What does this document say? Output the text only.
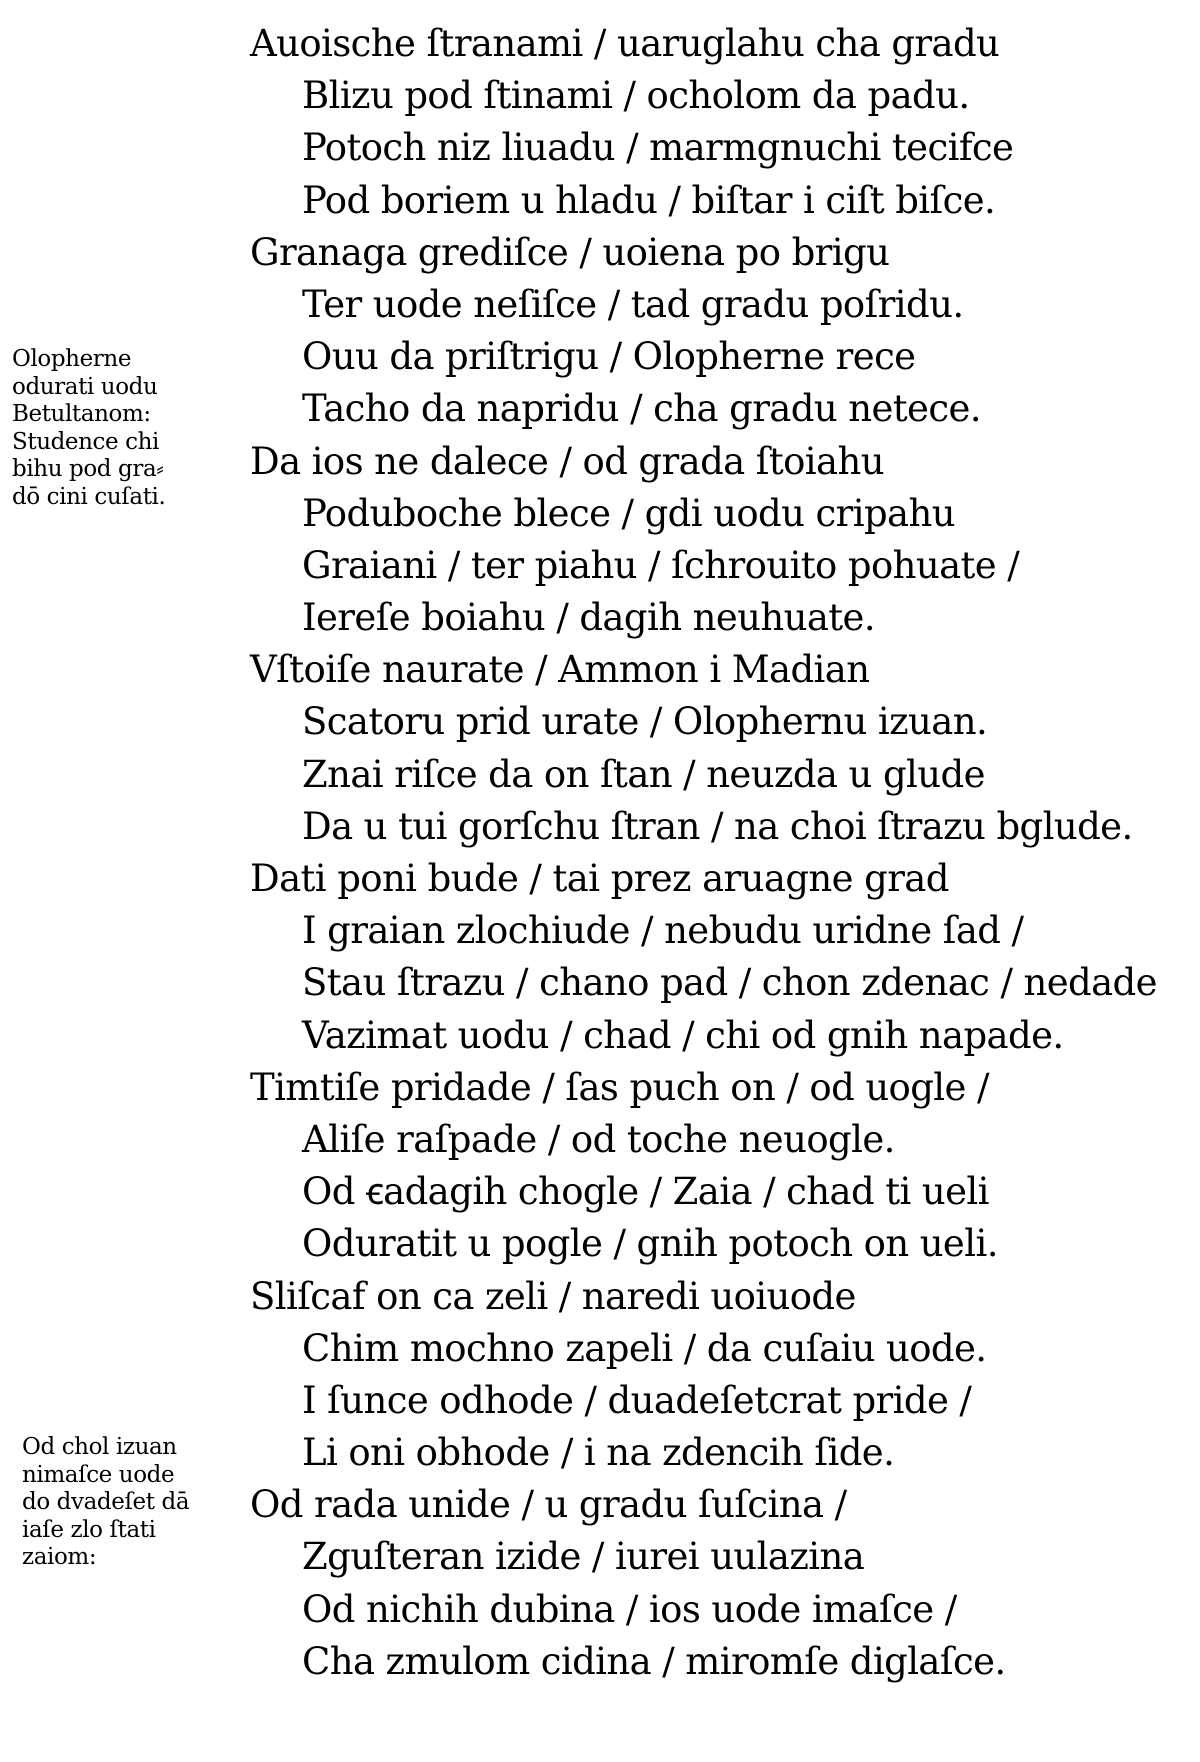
Auoische ſtranami / uaruglahu cha gradu
Blizu pod ſtinami / ocholom da padu.
Potoch niz liuadu / marmgnuchi tecifce
Pod boriem u hladu / biſtar i ciſt biſce.
Granaga grediſce / uoiena po brigu
Ter uode neſiſce / tad gradu poſridu.
Ouu da priſtrigu / Olopherne rece
Tacho da napridu / cha gradu netece.
Da ios ne dalece / od grada ſtoiahu
Poduboche blece / gdi uodu cripahu
Graiani / ter piahu / ſchrouito pohuate /
Iereſe boiahu / dagih neuhuate.
Vſtoiſe naurate / Ammon i Madian
Scatoru prid urate / Olophernu izuan.
Znai riſce da on ſtan / neuzda u glude
Da u tui gorſchu ſtran / na choi ſtrazu bglude.
Dati poni bude / tai prez aruagne grad
I graian zlochiude / nebudu uridne ſad /
Stau ſtrazu / chano pad / chon zdenac / nedade
Vazimat uodu / chad / chi od gnih napade.
Timtiſe pridade / ſas puch on / od uogle /
Aliſe raſpade / od toche neuogle.
Od ꞓadagih chogle / Zaia / chad ti ueli
Oduratit u pogle / gnih potoch on ueli.
Sliſcaf on ca zeli / naredi uoiuode
Chim mochno zapeli / da cuſaiu uode.
I ſunce odhode / duadeſetcrat pride /
Li oni obhode / i na zdencih ſide.
Od rada unide / u gradu ſuſcina /
Zguſteran izide / iurei uulazina
Od nichih dubina / ios uode imaſce /
Cha zmulom cidina / miromſe diglaſce.
Olopherne
odurati uodu
Betultanom:
Studence chi
bihu pod gra⸗
dō cini cuſati.
Od chol izuan
nimaſce uode
do dvadeſet dā
iaſe zlo ſtati
zaiom:
